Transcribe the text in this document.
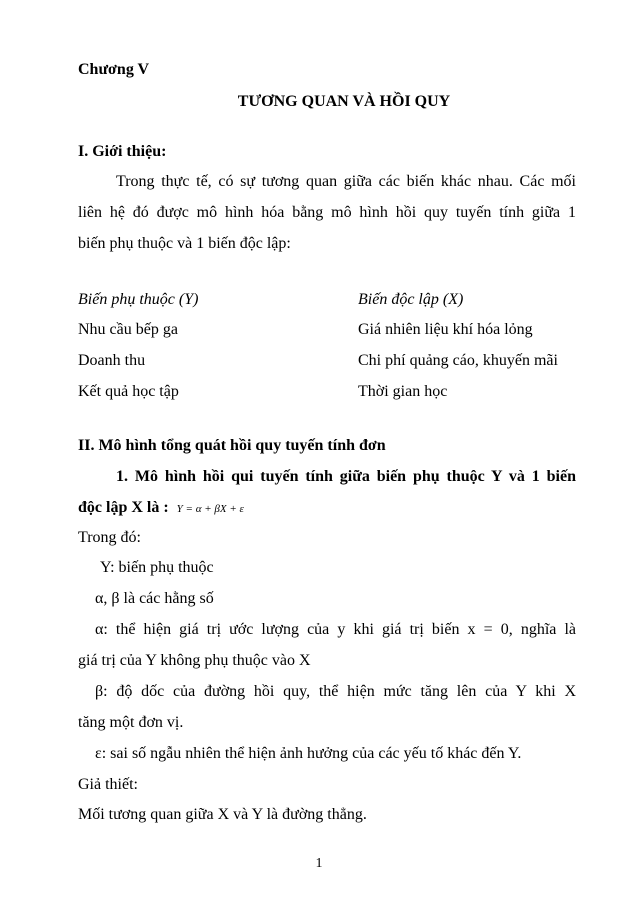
Chương V
TƯƠNG QUAN VÀ HỒI QUY
I. Giới thiệu:
Trong thực tế, có sự tương quan giữa các biến khác nhau. Các mối
liên hệ đó được mô hình hóa bằng mô hình hồi quy tuyến tính giữa 1
biến phụ thuộc và 1 biến độc lập:
Biến phụ thuộc (Y)	Biến độc lập (X)
Nhu cầu bếp ga	Giá nhiên liệu khí hóa lỏng
Doanh thu	Chi phí quảng cáo, khuyến mãi
Kết quả học tập	Thời gian học
II. Mô hình tổng quát hồi quy tuyến tính đơn
1. Mô hình hồi qui tuyến tính giữa biến phụ thuộc Y và 1 biến
độc lập X là : Y = α + βX + ε
Trong đó:
Y: biến phụ thuộc
α, β là các hằng số
α: thể hiện giá trị ước lượng của y khi giá trị biến x = 0, nghĩa là
giá trị của Y không phụ thuộc vào X
β: độ dốc của đường hồi quy, thể hiện mức tăng lên của Y khi X
tăng một đơn vị.
ε: sai số ngẫu nhiên thể hiện ảnh hưởng của các yếu tố khác đến Y.
Giả thiết:
Mối tương quan giữa X và Y là đường thẳng.
1
